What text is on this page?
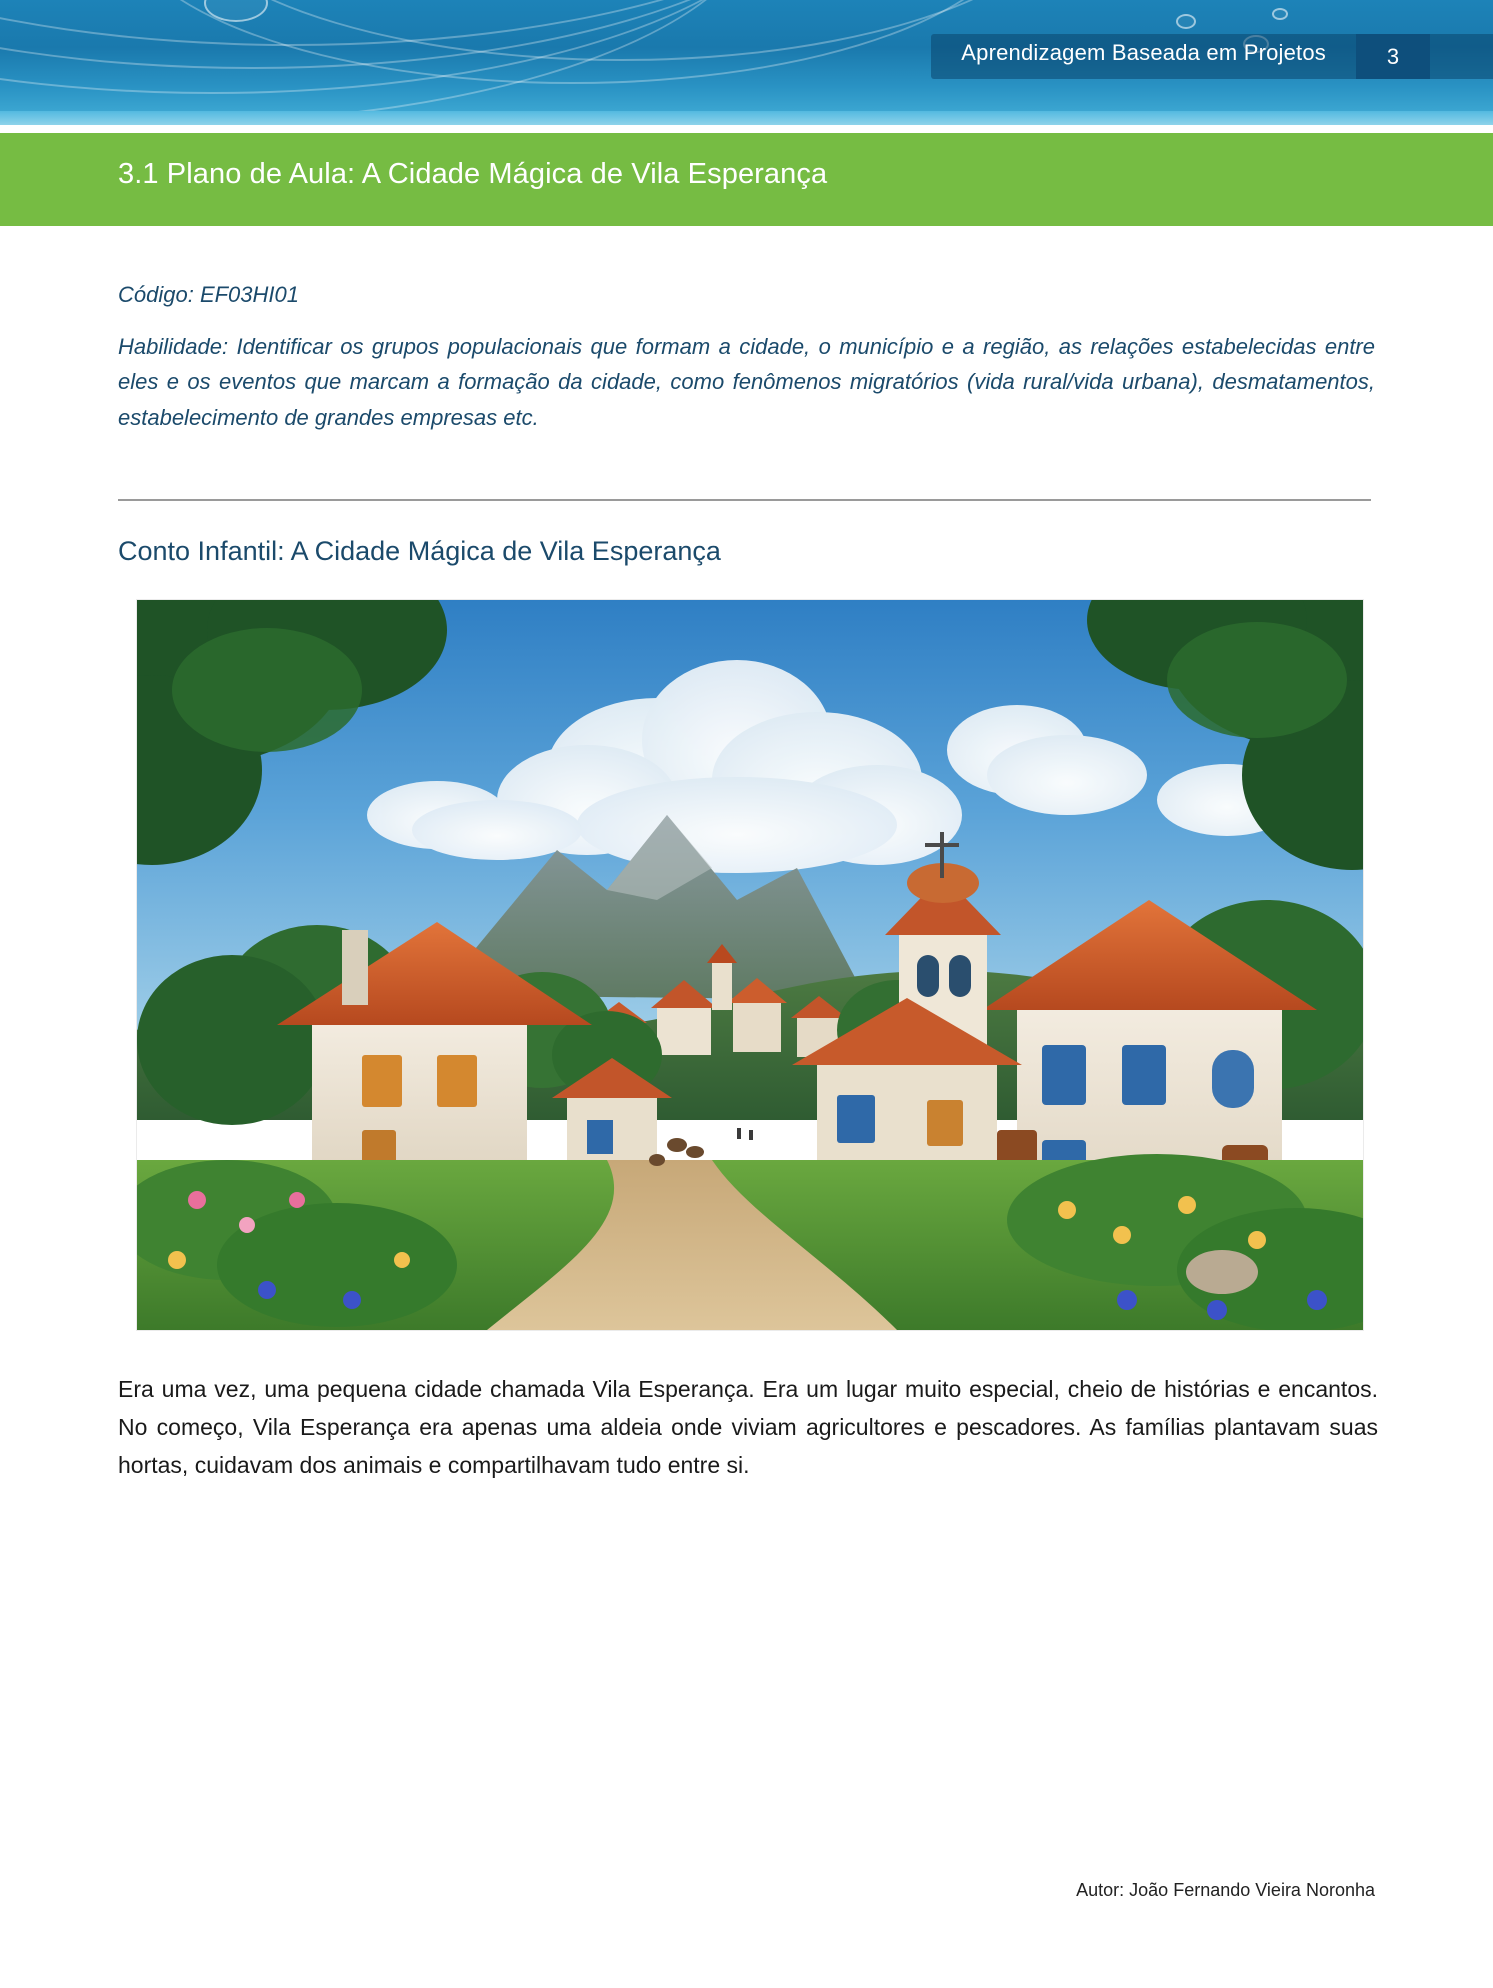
Aprendizagem Baseada em Projetos	3
3.1 Plano de Aula: A Cidade Mágica de Vila Esperança

Código: EF03HI01

Habilidade: Identificar os grupos populacionais que formam a cidade, o município e a região, as relações estabelecidas entre eles e os eventos que marcam a formação da cidade, como fenômenos migratórios (vida rural/vida urbana), desmatamentos, estabelecimento de grandes empresas etc.

Conto Infantil: A Cidade Mágica de Vila Esperança
Era uma vez, uma pequena cidade chamada Vila Esperança. Era um lugar muito especial, cheio de histórias e encantos. No começo, Vila Esperança era apenas uma aldeia onde viviam agricultores e pescadores. As famílias plantavam suas hortas, cuidavam dos animais e compartilhavam tudo entre si.
Autor: João Fernando Vieira Noronha
